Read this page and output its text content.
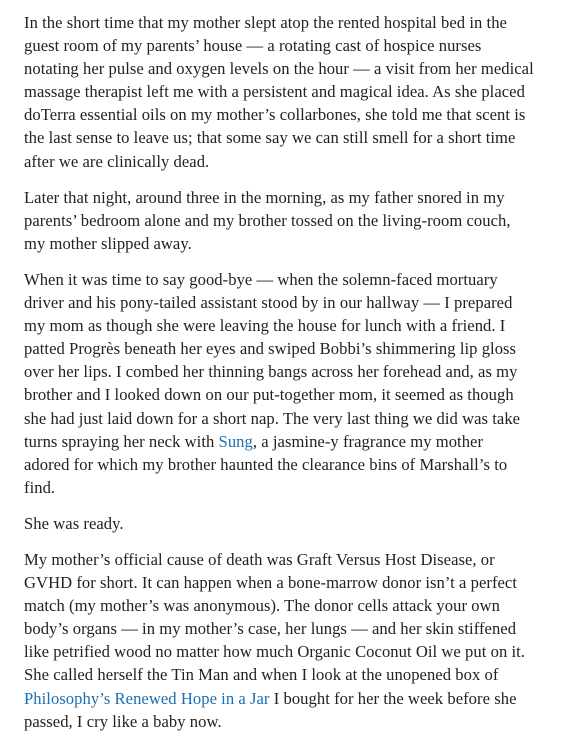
In the short time that my mother slept atop the rented hospital bed in the
guest room of my parents’ house — a rotating cast of hospice nurses
notating her pulse and oxygen levels on the hour — a visit from her medical
massage therapist left me with a persistent and magical idea. As she placed
doTerra essential oils on my mother’s collarbones, she told me that scent is
the last sense to leave us; that some say we can still smell for a short time
after we are clinically dead.

Later that night, around three in the morning, as my father snored in my
parents’ bedroom alone and my brother tossed on the living-room couch,
my mother slipped away.

When it was time to say good-bye — when the solemn-faced mortuary
driver and his pony-tailed assistant stood by in our hallway — I prepared
my mom as though she were leaving the house for lunch with a friend. I
patted Progrès beneath her eyes and swiped Bobbi’s shimmering lip gloss
over her lips. I combed her thinning bangs across her forehead and, as my
brother and I looked down on our put-together mom, it seemed as though
she had just laid down for a short nap. The very last thing we did was take
turns spraying her neck with Sung, a jasmine-y fragrance my mother
adored for which my brother haunted the clearance bins of Marshall’s to
find.

She was ready.

My mother’s official cause of death was Graft Versus Host Disease, or
GVHD for short. It can happen when a bone-marrow donor isn’t a perfect
match (my mother’s was anonymous). The donor cells attack your own
body’s organs — in my mother’s case, her lungs — and her skin stiffened
like petrified wood no matter how much Organic Coconut Oil we put on it.
She called herself the Tin Man and when I look at the unopened box of
Philosophy’s Renewed Hope in a Jar I bought for her the week before she
passed, I cry like a baby now.
